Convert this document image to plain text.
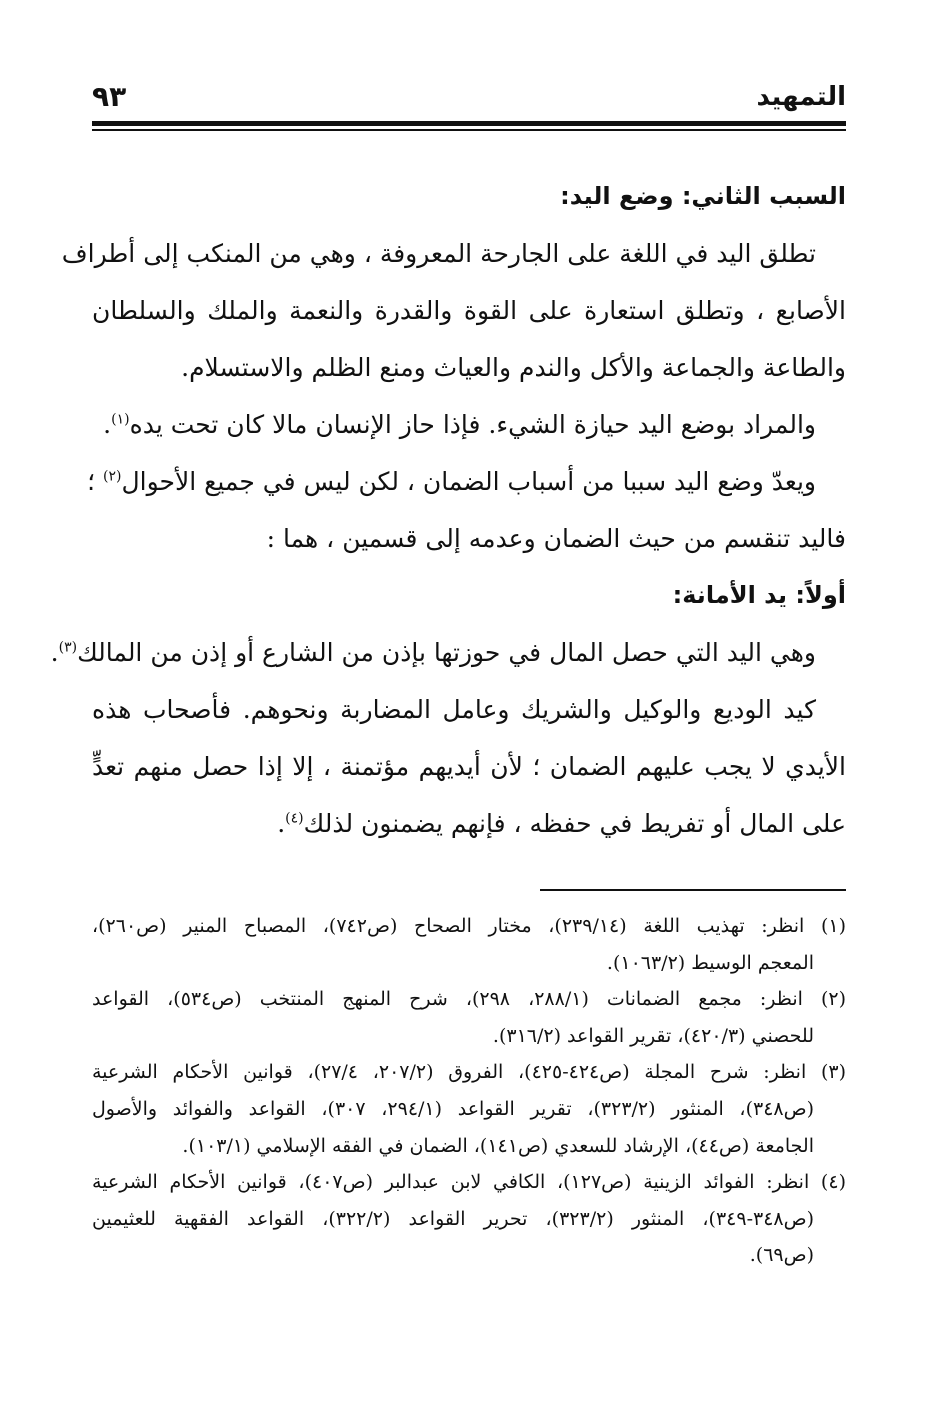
التمهيد
٩٣
السبب الثاني: وضع اليد:
تطلق اليد في اللغة على الجارحة المعروفة ، وهي من المنكب إلى أطراف
الأصابع ، وتطلق استعارة على القوة والقدرة والنعمة والملك والسلطان
والطاعة والجماعة والأكل والندم والعياث ومنع الظلم والاستسلام.
والمراد بوضع اليد حيازة الشيء. فإذا حاز الإنسان مالا كان تحت يده$^{(١)}$.
ويعدّ وضع اليد سببا من أسباب الضمان ، لكن ليس في جميع الأحوال$^{(٢)}$ ؛
فاليد تنقسم من حيث الضمان وعدمه إلى قسمين ، هما :
أولاً: يد الأمانة:
وهي اليد التي حصل المال في حوزتها بإذن من الشارع أو إذن من المالك$^{(٣)}$.
كيد الوديع والوكيل والشريك وعامل المضاربة ونحوهم. فأصحاب هذه
الأيدي لا يجب عليهم الضمان ؛ لأن أيديهم مؤتمنة ، إلا إذا حصل منهم تعدٍّ
على المال أو تفريط في حفظه ، فإنهم يضمنون لذلك$^{(٤)}$.
(١) انظر: تهذيب اللغة (٢٣٩/١٤)، مختار الصحاح (ص٧٤٢)، المصباح المنير (ص٢٦٠)،
المعجم الوسيط (١٠٦٣/٢).
(٢) انظر: مجمع الضمانات (٢٨٨/١، ٢٩٨)، شرح المنهج المنتخب (ص٥٣٤)، القواعد
للحصني (٤٢٠/٣)، تقرير القواعد (٣١٦/٢).
(٣) انظر: شرح المجلة (ص٤٢٤-٤٢٥)، الفروق (٢٠٧/٢، ٢٧/٤)، قوانين الأحكام الشرعية
(ص٣٤٨)، المنثور (٣٢٣/٢)، تقرير القواعد (٢٩٤/١، ٣٠٧)، القواعد والفوائد والأصول
الجامعة (ص٤٤)، الإرشاد للسعدي (ص١٤١)، الضمان في الفقه الإسلامي (١٠٣/١).
(٤) انظر: الفوائد الزينية (ص١٢٧)، الكافي لابن عبدالبر (ص٤٠٧)، قوانين الأحكام الشرعية
(ص٣٤٨-٣٤٩)، المنثور (٣٢٣/٢)، تحرير القواعد (٣٢٢/٢)، القواعد الفقهية للعثيمين
(ص٦٩).
